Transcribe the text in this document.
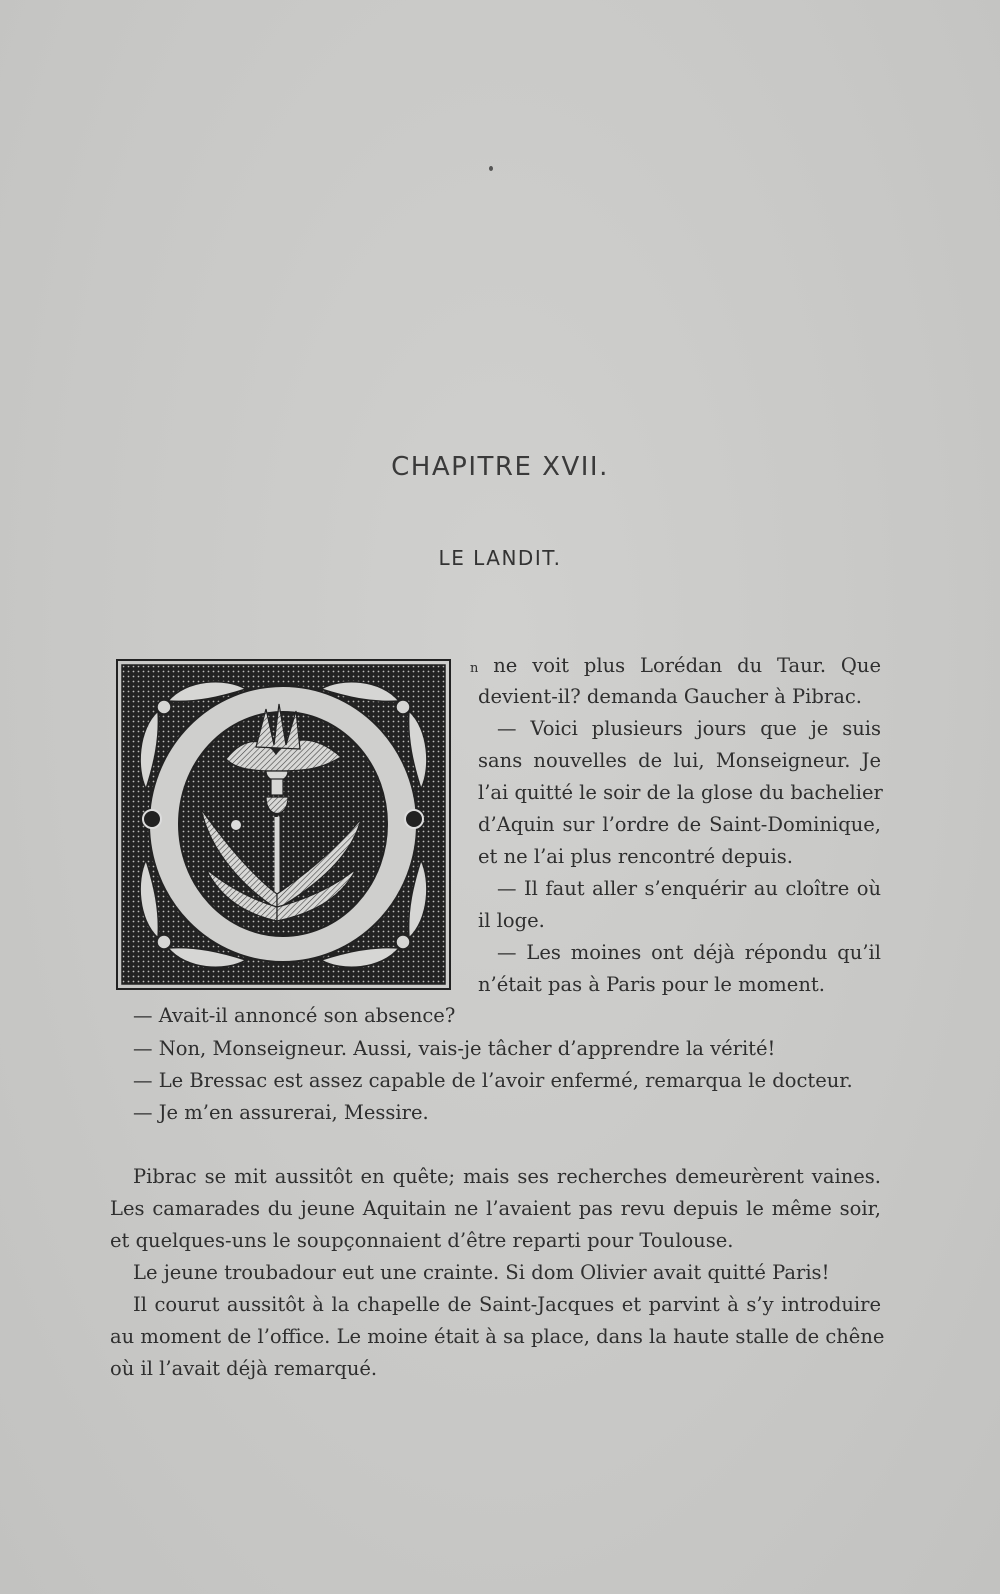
CHAPITRE XVII.
LE LANDIT.
n ne voit plus Lorédan du Taur. Que
devient-il? demanda Gaucher à Pibrac.
— Voici plusieurs jours que je suis
sans nouvelles de lui, Monseigneur. Je
l’ai quitté le soir de la glose du bachelier
d’Aquin sur l’ordre de Saint-Dominique,
et ne l’ai plus rencontré depuis.
— Il faut aller s’enquérir au cloître où
il loge.
— Les moines ont déjà répondu qu’il
n’était pas à Paris pour le moment.
— Avait-il annoncé son absence?
— Non, Monseigneur. Aussi, vais-je tâcher d’apprendre la vérité!
— Le Bressac est assez capable de l’avoir enfermé, remarqua le docteur.
— Je m’en assurerai, Messire.
Pibrac se mit aussitôt en quête; mais ses recherches demeurèrent vaines.
Les camarades du jeune Aquitain ne l’avaient pas revu depuis le même soir,
et quelques-uns le soupçonnaient d’être reparti pour Toulouse.
Le jeune troubadour eut une crainte. Si dom Olivier avait quitté Paris!
Il courut aussitôt à la chapelle de Saint-Jacques et parvint à s’y introduire
au moment de l’office. Le moine était à sa place, dans la haute stalle de chêne
où il l’avait déjà remarqué.
